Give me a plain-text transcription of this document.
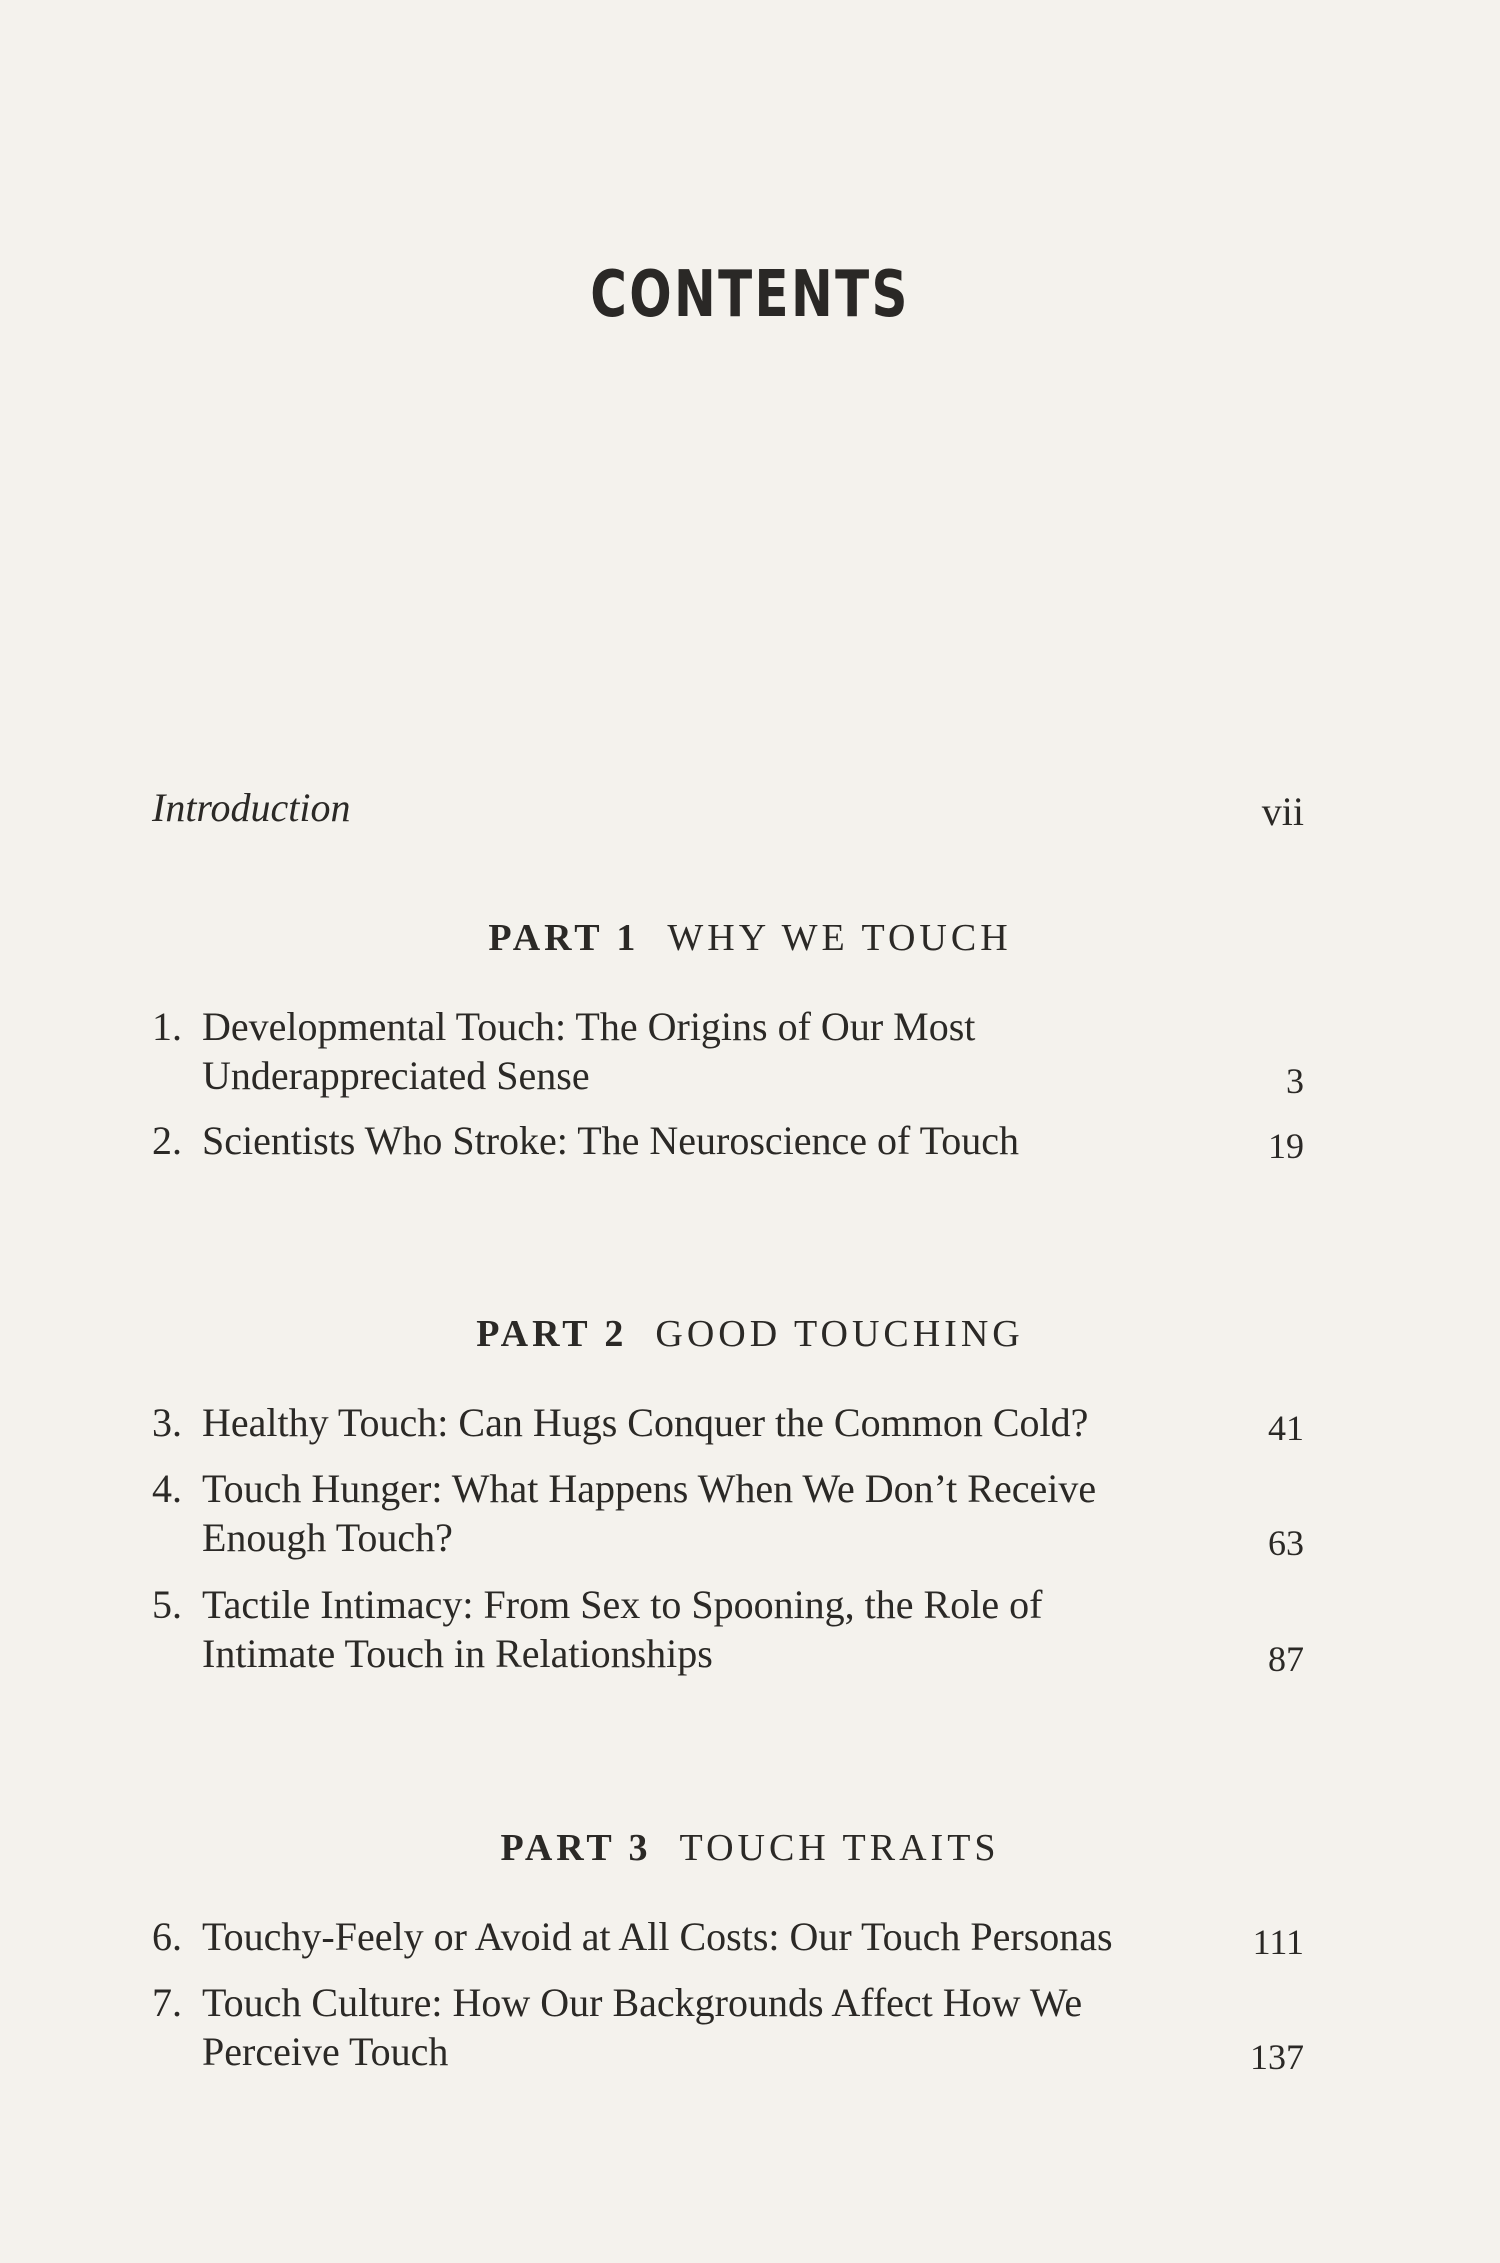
CONTENTS
Introduction	vii
PART 1 WHY WE TOUCH
1. Developmental Touch: The Origins of Our Most
Underappreciated Sense	3
2. Scientists Who Stroke: The Neuroscience of Touch	19
PART 2 GOOD TOUCHING
3. Healthy Touch: Can Hugs Conquer the Common Cold?	41
4. Touch Hunger: What Happens When We Don’t Receive
Enough Touch?	63
5. Tactile Intimacy: From Sex to Spooning, the Role of
Intimate Touch in Relationships	87
PART 3 TOUCH TRAITS
6. Touchy-Feely or Avoid at All Costs: Our Touch Personas	111
7. Touch Culture: How Our Backgrounds Affect How We
Perceive Touch	137
